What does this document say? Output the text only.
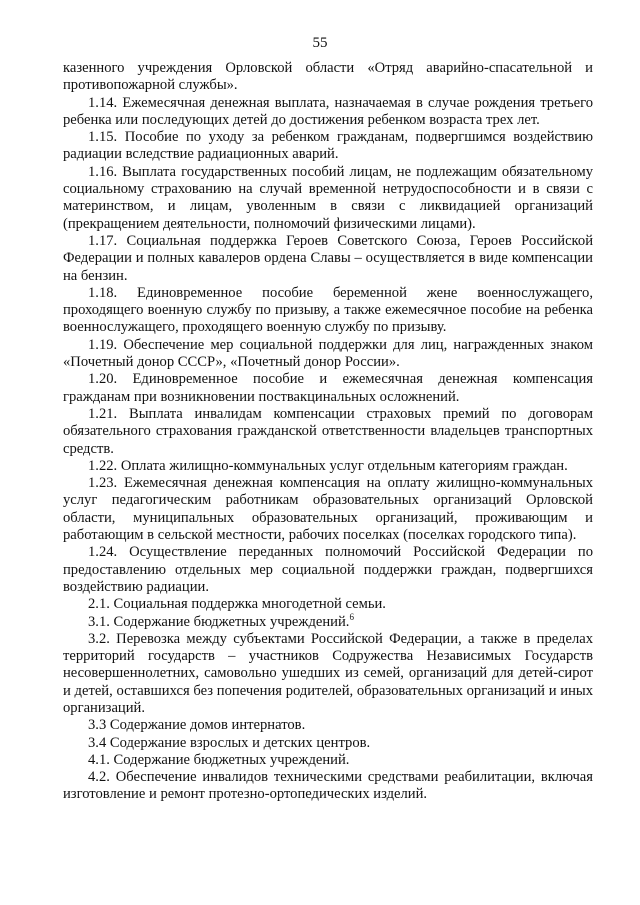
55

казенного учреждения Орловской области «Отряд аварийно-спасательной и противопожарной службы».

1.14. Ежемесячная денежная выплата, назначаемая в случае рождения третьего ребенка или последующих детей до достижения ребенком возраста трех лет.

1.15. Пособие по уходу за ребенком гражданам, подвергшимся воздействию радиации вследствие радиационных аварий.

1.16. Выплата государственных пособий лицам, не подлежащим обязательному социальному страхованию на случай временной нетрудоспособности и в связи с материнством, и лицам, уволенным в связи с ликвидацией организаций (прекращением деятельности, полномочий физическими лицами).

1.17. Социальная поддержка Героев Советского Союза, Героев Российской Федерации и полных кавалеров ордена Славы – осуществляется в виде компенсации на бензин.

1.18. Единовременное пособие беременной жене военнослужащего, проходящего военную службу по призыву, а также ежемесячное пособие на ребенка военнослужащего, проходящего военную службу по призыву.

1.19. Обеспечение мер социальной поддержки для лиц, награжденных знаком «Почетный донор СССР», «Почетный донор России».

1.20. Единовременное пособие и ежемесячная денежная компенсация гражданам при возникновении поствакцинальных осложнений.

1.21. Выплата инвалидам компенсации страховых премий по договорам обязательного страхования гражданской ответственности владельцев транспортных средств.

1.22. Оплата жилищно-коммунальных услуг отдельным категориям граждан.

1.23. Ежемесячная денежная компенсация на оплату жилищно-коммунальных услуг педагогическим работникам образовательных организаций Орловской области, муниципальных образовательных организаций, проживающим и работающим в сельской местности, рабочих поселках (поселках городского типа).

1.24. Осуществление переданных полномочий Российской Федерации по предоставлению отдельных мер социальной поддержки граждан, подвергшихся воздействию радиации.

2.1. Социальная поддержка многодетной семьи.

3.1. Содержание бюджетных учреждений.$^6$

3.2. Перевозка между субъектами Российской Федерации, а также в пределах территорий государств – участников Содружества Независимых Государств несовершеннолетних, самовольно ушедших из семей, организаций для детей-сирот и детей, оставшихся без попечения родителей, образовательных организаций и иных организаций.

3.3 Содержание домов интернатов.

3.4 Содержание взрослых и детских центров.

4.1. Содержание бюджетных учреждений.

4.2. Обеспечение инвалидов техническими средствами реабилитации, включая изготовление и ремонт протезно-ортопедических изделий.
